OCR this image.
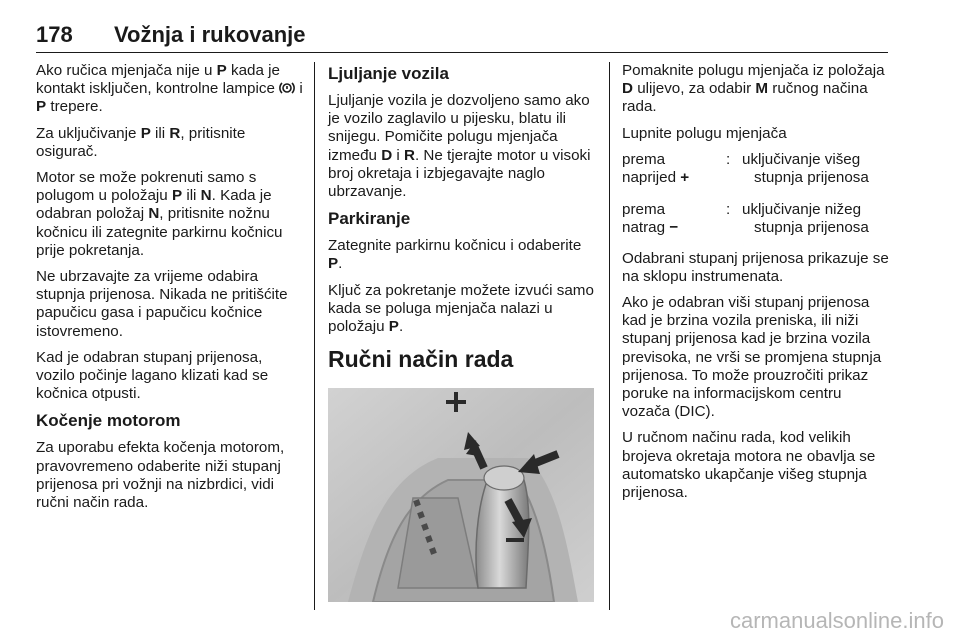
178 Vožnja i rukovanje

Ako ručica mjenjača nije u P kada je kontakt isključen, kontrolne lampice  i P trepere.

Za uključivanje P ili R, pritisnite osigurač.

Motor se može pokrenuti samo s polugom u položaju P ili N. Kada je odabran položaj N, pritisnite nožnu kočnicu ili zategnite parkirnu kočnicu prije pokretanja.

Ne ubrzavajte za vrijeme odabira stupnja prijenosa. Nikada ne pritišćite papučicu gasa i papučicu kočnice istovremeno.

Kad je odabran stupanj prijenosa, vozilo počinje lagano klizati kad se kočnica otpusti.

Kočenje motorom

Za uporabu efekta kočenja motorom, pravovremeno odaberite niži stupanj prijenosa pri vožnji na nizbrdici, vidi ručni način rada.

Ljuljanje vozila

Ljuljanje vozila je dozvoljeno samo ako je vozilo zaglavilo u pijesku, blatu ili snijegu. Pomičite polugu mjenjača između D i R. Ne tjerajte motor u visoki broj okretaja i izbjegavajte naglo ubrzavanje.

Parkiranje

Zategnite parkirnu kočnicu i odaberite P.

Ključ za pokretanje možete izvući samo kada se poluga mjenjača nalazi u položaju P.

Ručni način rada

Pomaknite polugu mjenjača iz položaja D ulijevo, za odabir M ručnog načina rada.

Lupnite polugu mjenjača

prema
naprijed +
: uključivanje višeg
stupnja prijenosa
prema
natrag −
: uključivanje nižeg
stupnja prijenosa

Odabrani stupanj prijenosa prikazuje se na sklopu instrumenata.

Ako je odabran viši stupanj prijenosa kad je brzina vozila preniska, ili niži stupanj prijenosa kad je brzina vozila previsoka, ne vrši se promjena stupnja prijenosa. To može prouzročiti prikaz poruke na informacijskom centru vozača (DIC).

U ručnom načinu rada, kod velikih brojeva okretaja motora ne obavlja se automatsko ukapčanje višeg stupnja prijenosa.

carmanualsonline.info
